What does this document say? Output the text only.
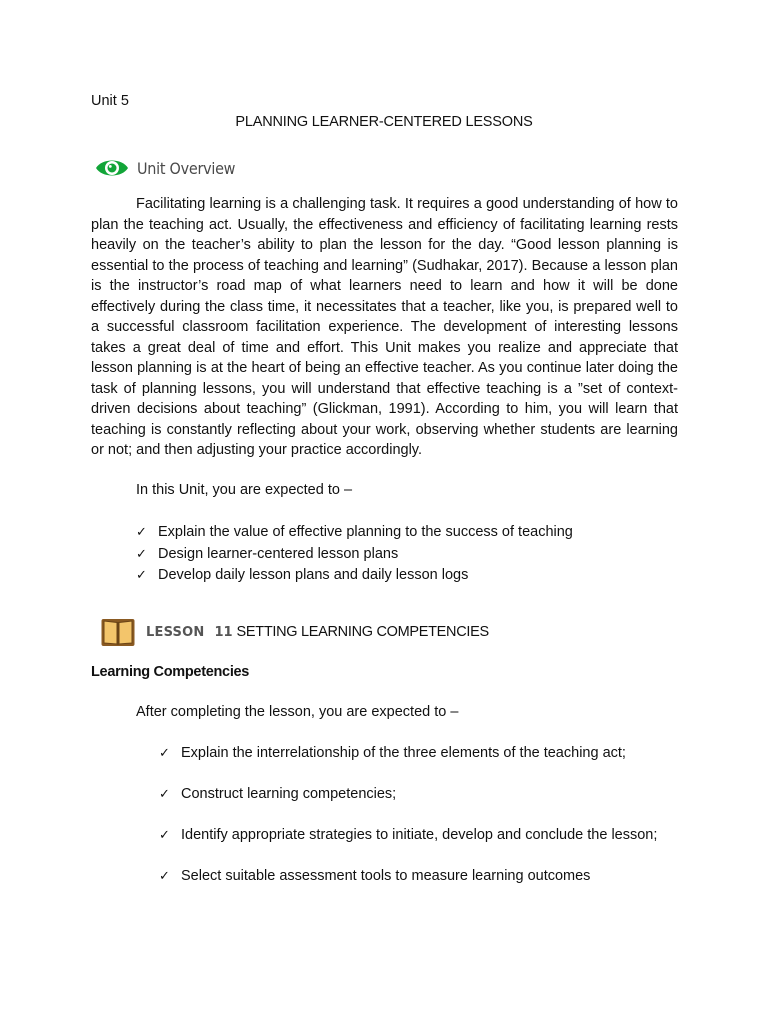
Unit 5
PLANNING LEARNER-CENTERED LESSONS
Unit Overview

Facilitating learning is a challenging task. It requires a good understanding of how to plan the teaching act. Usually, the effectiveness and efficiency of facilitating learning rests heavily on the teacher’s ability to plan the lesson for the day. “Good lesson planning is essential to the process of teaching and learning” (Sudhakar, 2017). Because a lesson plan is the instructor’s road map of what learners need to learn and how it will be done effectively during the class time, it necessitates that a teacher, like you, is prepared well to a successful classroom facilitation experience. The development of interesting lessons takes a great deal of time and effort. This Unit makes you realize and appreciate that lesson planning is at the heart of being an effective teacher. As you continue later doing the task of planning lessons, you will understand that effective teaching is a ”set of context-driven decisions about teaching” (Glickman, 1991). According to him, you will learn that teaching is constantly reflecting about your work, observing whether students are learning or not; and then adjusting your practice accordingly.

In this Unit, you are expected to –
✓ Explain the value of effective planning to the success of teaching
✓ Design learner-centered lesson plans
✓ Develop daily lesson plans and daily lesson logs
LESSON 11 SETTING LEARNING COMPETENCIES
Learning Competencies
After completing the lesson, you are expected to –
✓ Explain the interrelationship of the three elements of the teaching act;
✓ Construct learning competencies;
✓ Identify appropriate strategies to initiate, develop and conclude the lesson;
✓ Select suitable assessment tools to measure learning outcomes
